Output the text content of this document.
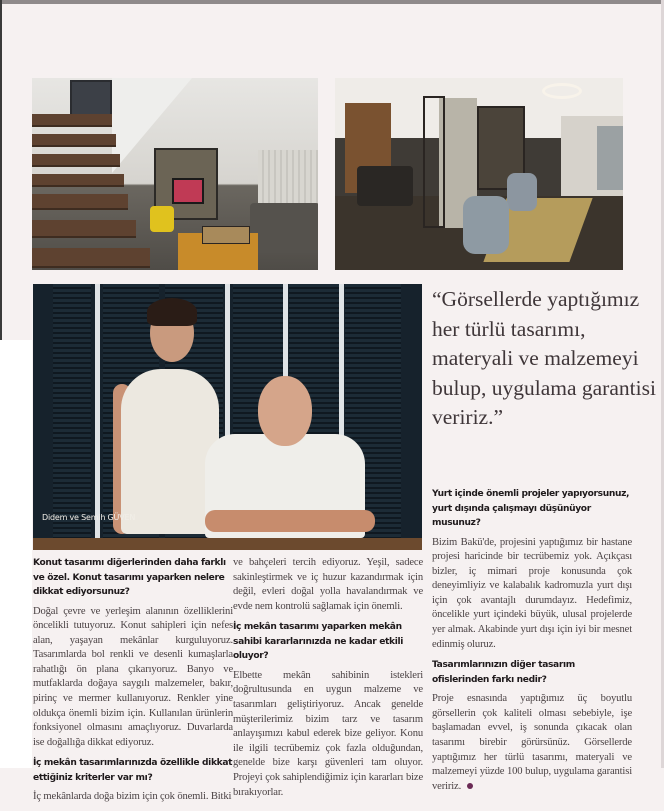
Didem ve Semih GÜVEN

“Görsellerde yaptığımız her türlü tasarımı, materyali ve malzemeyi bulup, uygulama garantisi veririz.”

Konut tasarımı diğerlerinden daha farklı ve özel. Konut tasarımı yaparken nelere dikkat ediyorsunuz?

Doğal çevre ve yerleşim alanının özelliklerini öncelikli tutuyoruz. Konut sahipleri için nefes alan, yaşayan mekânlar kurguluyoruz. Tasarımlarda bol renkli ve desenli kumaşlarla rahatlığı ön plana çıkarıyoruz. Banyo ve mutfaklarda doğaya saygılı malzemeler, bakır, pirinç ve mermer kullanıyoruz. Renkler yine oldukça önemli bizim için. Kullanılan ürünlerin fonksiyonel olmasını amaçlıyoruz. Duvarlarda ise doğallığa dikkat ediyoruz.

İç mekân tasarımlarınızda özellikle dikkat ettiğiniz kriterler var mı?

İç mekânlarda doğa bizim için çok önemli. Bitki

ve bahçeleri tercih ediyoruz. Yeşil, sadece sakinleştirmek ve iç huzur kazandırmak için değil, evleri doğal yolla havalandırmak ve evde nem kontrolü sağlamak için önemli.

İç mekân tasarımı yaparken mekân sahibi kararlarınızda ne kadar etkili oluyor?

Elbette mekân sahibinin istekleri doğrultusunda en uygun malzeme ve tasarımları geliştiriyoruz. Ancak genelde müşterilerimiz bizim tarz ve tasarım anlayışımızı kabul ederek bize geliyor. Konu ile ilgili tecrübemiz çok fazla olduğundan, genelde bize karşı güvenleri tam oluyor. Projeyi çok sahiplendiğimiz için kararları bize bırakıyorlar.

Yurt içinde önemli projeler yapıyorsunuz, yurt dışında çalışmayı düşünüyor musunuz?

Bizim Bakü'de, projesini yaptığımız bir hastane projesi haricinde bir tecrübemiz yok. Açıkçası bizler, iç mimari proje konusunda çok deneyimliyiz ve kalabalık kadromuzla yurt dışı için çok avantajlı durumdayız. Hedefimiz, öncelikle yurt içindeki büyük, ulusal projelerde yer almak. Akabinde yurt dışı için iyi bir mesnet edinmiş oluruz.

Tasarımlarınızın diğer tasarım ofislerinden farkı nedir?

Proje esnasında yaptığımız üç boyutlu görsellerin çok kaliteli olması sebebiyle, işe başlamadan evvel, iş sonunda çıkacak olan tasarımı birebir görürsünüz. Görsellerde yaptığımız her türlü tasarımı, materyali ve malzemeyi yüzde 100 bulup, uygulama garantisi veririz.
